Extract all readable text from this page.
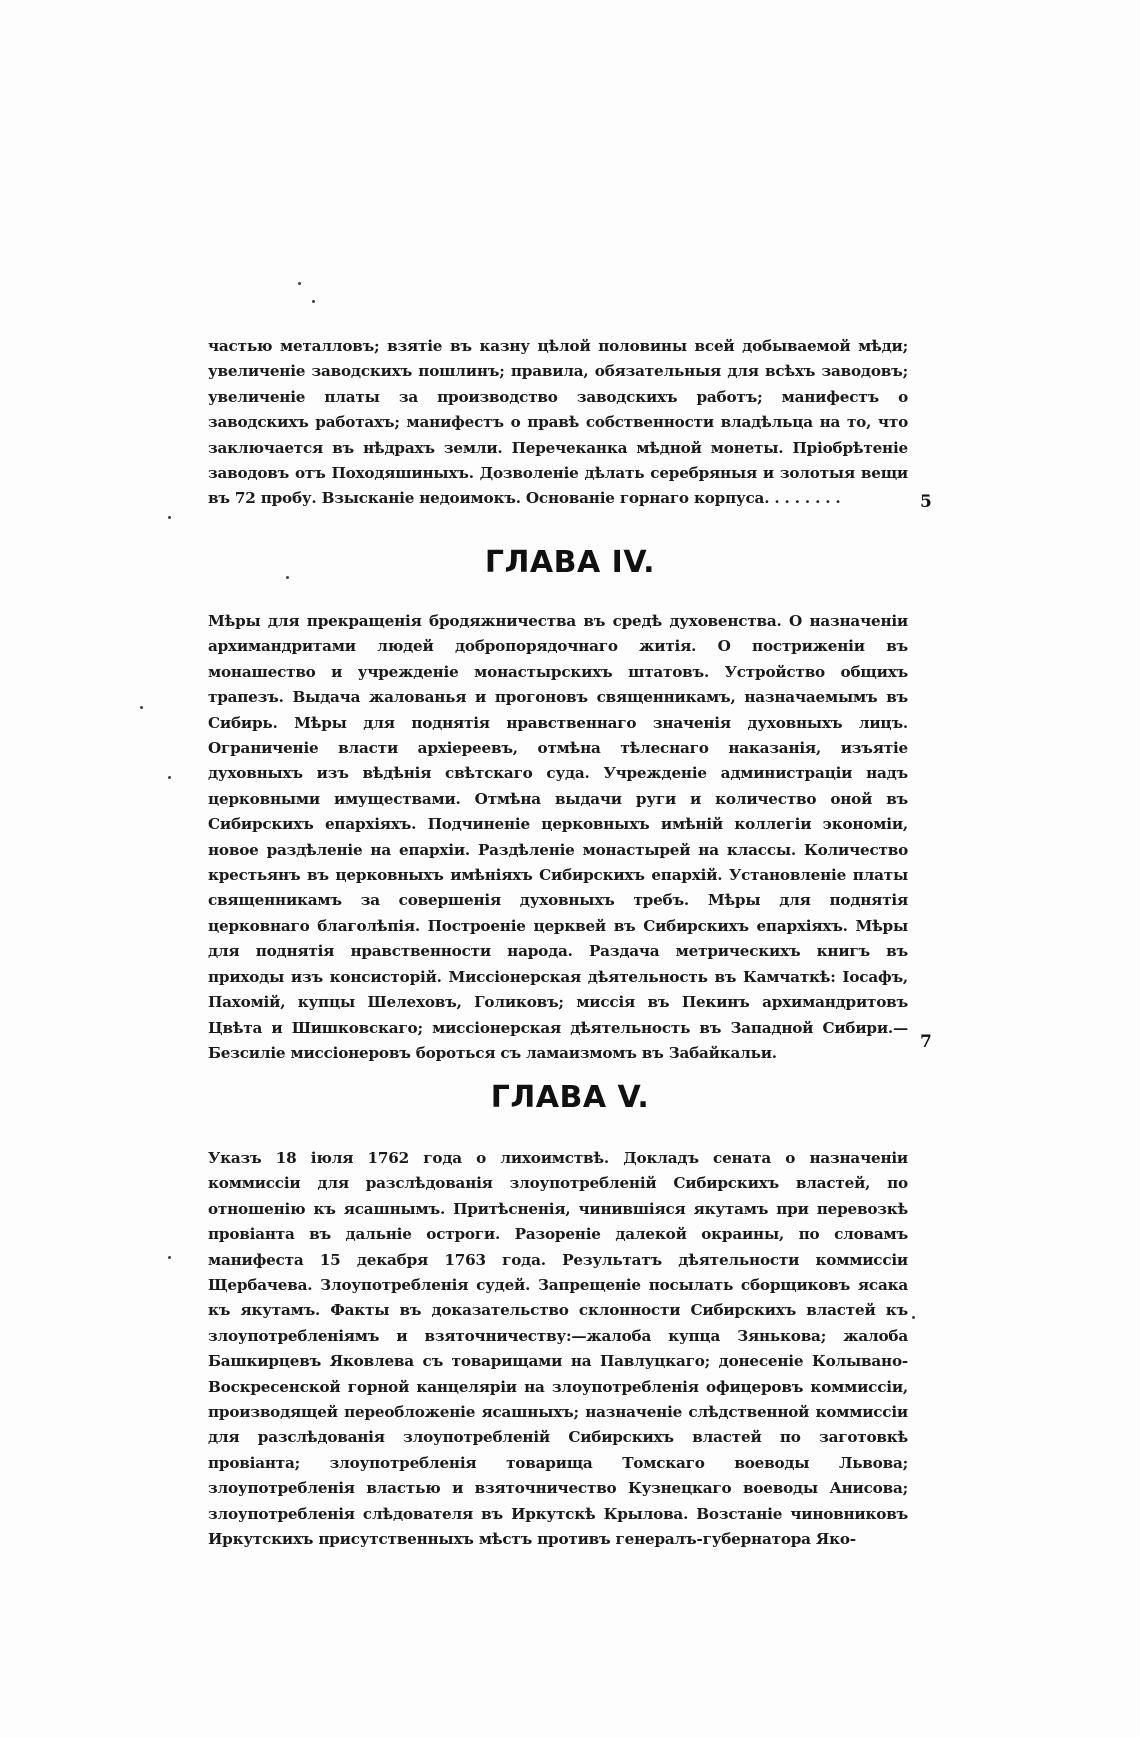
частью металловъ; взятіе въ казну цѣлой половины всей добываемой мѣди; увеличеніе заводскихъ пошлинъ; правила, обязательныя для всѣхъ заводовъ; увеличеніе платы за производство заводскихъ работъ; манифестъ о заводскихъ работахъ; манифестъ о правѣ собственности владѣльца на то, что заключается въ нѣдрахъ земли. Перечеканка мѣдной монеты. Пріобрѣтеніе заводовъ отъ Походяшиныхъ. Дозволеніе дѣлать серебряныя и золотыя вещи въ 72 пробу. Взысканіе недоимокъ. Основаніе горнаго корпуса. . . . . . . .	5
ГЛАВА IV.

Мѣры для прекращенія бродяжничества въ средѣ духовенства. О назначеніи архимандритами людей добропорядочнаго житія. О постриженіи въ монашество и учрежденіе монастырскихъ штатовъ. Устройство общихъ трапезъ. Выдача жалованья и прогоновъ священникамъ, назначаемымъ въ Сибирь. Мѣры для поднятія нравственнаго значенія духовныхъ лицъ. Ограниченіе власти архіереевъ, отмѣна тѣлеснаго наказанія, изъятіе духовныхъ изъ вѣдѣнія свѣтскаго суда. Учрежденіе администраціи надъ церковными имуществами. Отмѣна выдачи руги и количество оной въ Сибирскихъ епархіяхъ. Подчиненіе церковныхъ имѣній коллегіи экономіи, новое раздѣленіе на епархіи. Раздѣленіе монастырей на классы. Количество крестьянъ въ церковныхъ имѣніяхъ Сибирскихъ епархій. Установленіе платы священникамъ за совершенія духовныхъ требъ. Мѣры для поднятія церковнаго благолѣпія. Построеніе церквей въ Сибирскихъ епархіяхъ. Мѣры для поднятія нравственности народа. Раздача метрическихъ книгъ въ приходы изъ консисторій. Миссіонерская дѣятельность въ Камчаткѣ: Іосафъ, Пахомій, купцы Шелеховъ, Голиковъ; миссія въ Пекинъ архимандритовъ Цвѣта и Шишковскаго; миссіонерская дѣятельность въ Западной Сибири.—Безсиліе миссіонеровъ бороться съ ламаизмомъ въ Забайкальи.

7
ГЛАВА V.

Указъ 18 іюля 1762 года о лихоимствѣ. Докладъ сената о назначеніи коммиссіи для разслѣдованія злоупотребленій Сибирскихъ властей, по отношенію къ ясашнымъ. Притѣсненія, чинившіяся якутамъ при перевозкѣ провіанта въ дальніе остроги. Разореніе далекой окраины, по словамъ манифеста 15 декабря 1763 года. Результатъ дѣятельности коммиссіи Щербачева. Злоупотребленія судей. Запрещеніе посылать сборщиковъ ясака къ якутамъ. Факты въ доказательство склонности Сибирскихъ властей къ злоупотребленіямъ и взяточничеству:—жалоба купца Зянькова; жалоба Башкирцевъ Яковлева съ товарищами на Павлуцкаго; донесеніе Колывано-Воскресенской горной канцеляріи на злоупотребленія офицеровъ коммиссіи, производящей переобложеніе ясашныхъ; назначеніе слѣдственной коммиссіи для разслѣдованія злоупотребленій Сибирскихъ властей по заготовкѣ провіанта; злоупотребленія товарища Томскаго воеводы Львова; злоупотребленія властью и взяточничество Кузнецкаго воеводы Анисова; злоупотребленія слѣдователя въ Иркутскѣ Крылова. Возстаніе чиновниковъ Иркутскихъ присутственныхъ мѣстъ противъ генералъ-губернатора Яко-
